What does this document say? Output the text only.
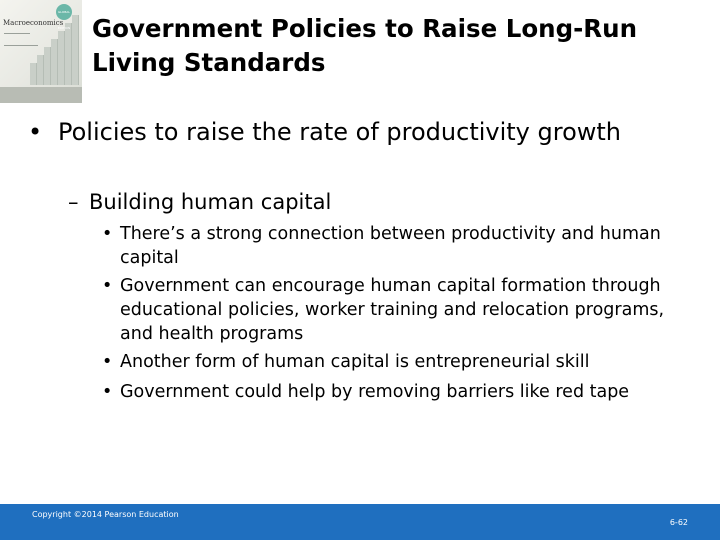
GLOBAL EDITION
Macroeconomics Government Policies to Raise Long-Run Living Standards
• Policies to raise the rate of productivity growth
– Building human capital
• There’s a strong connection between productivity and human capital
• Government can encourage human capital formation through educational policies, worker training and relocation programs, and health programs
• Another form of human capital is entrepreneurial skill
• Government could help by removing barriers like red tape
Copyright ©2014 Pearson Education
6-62
